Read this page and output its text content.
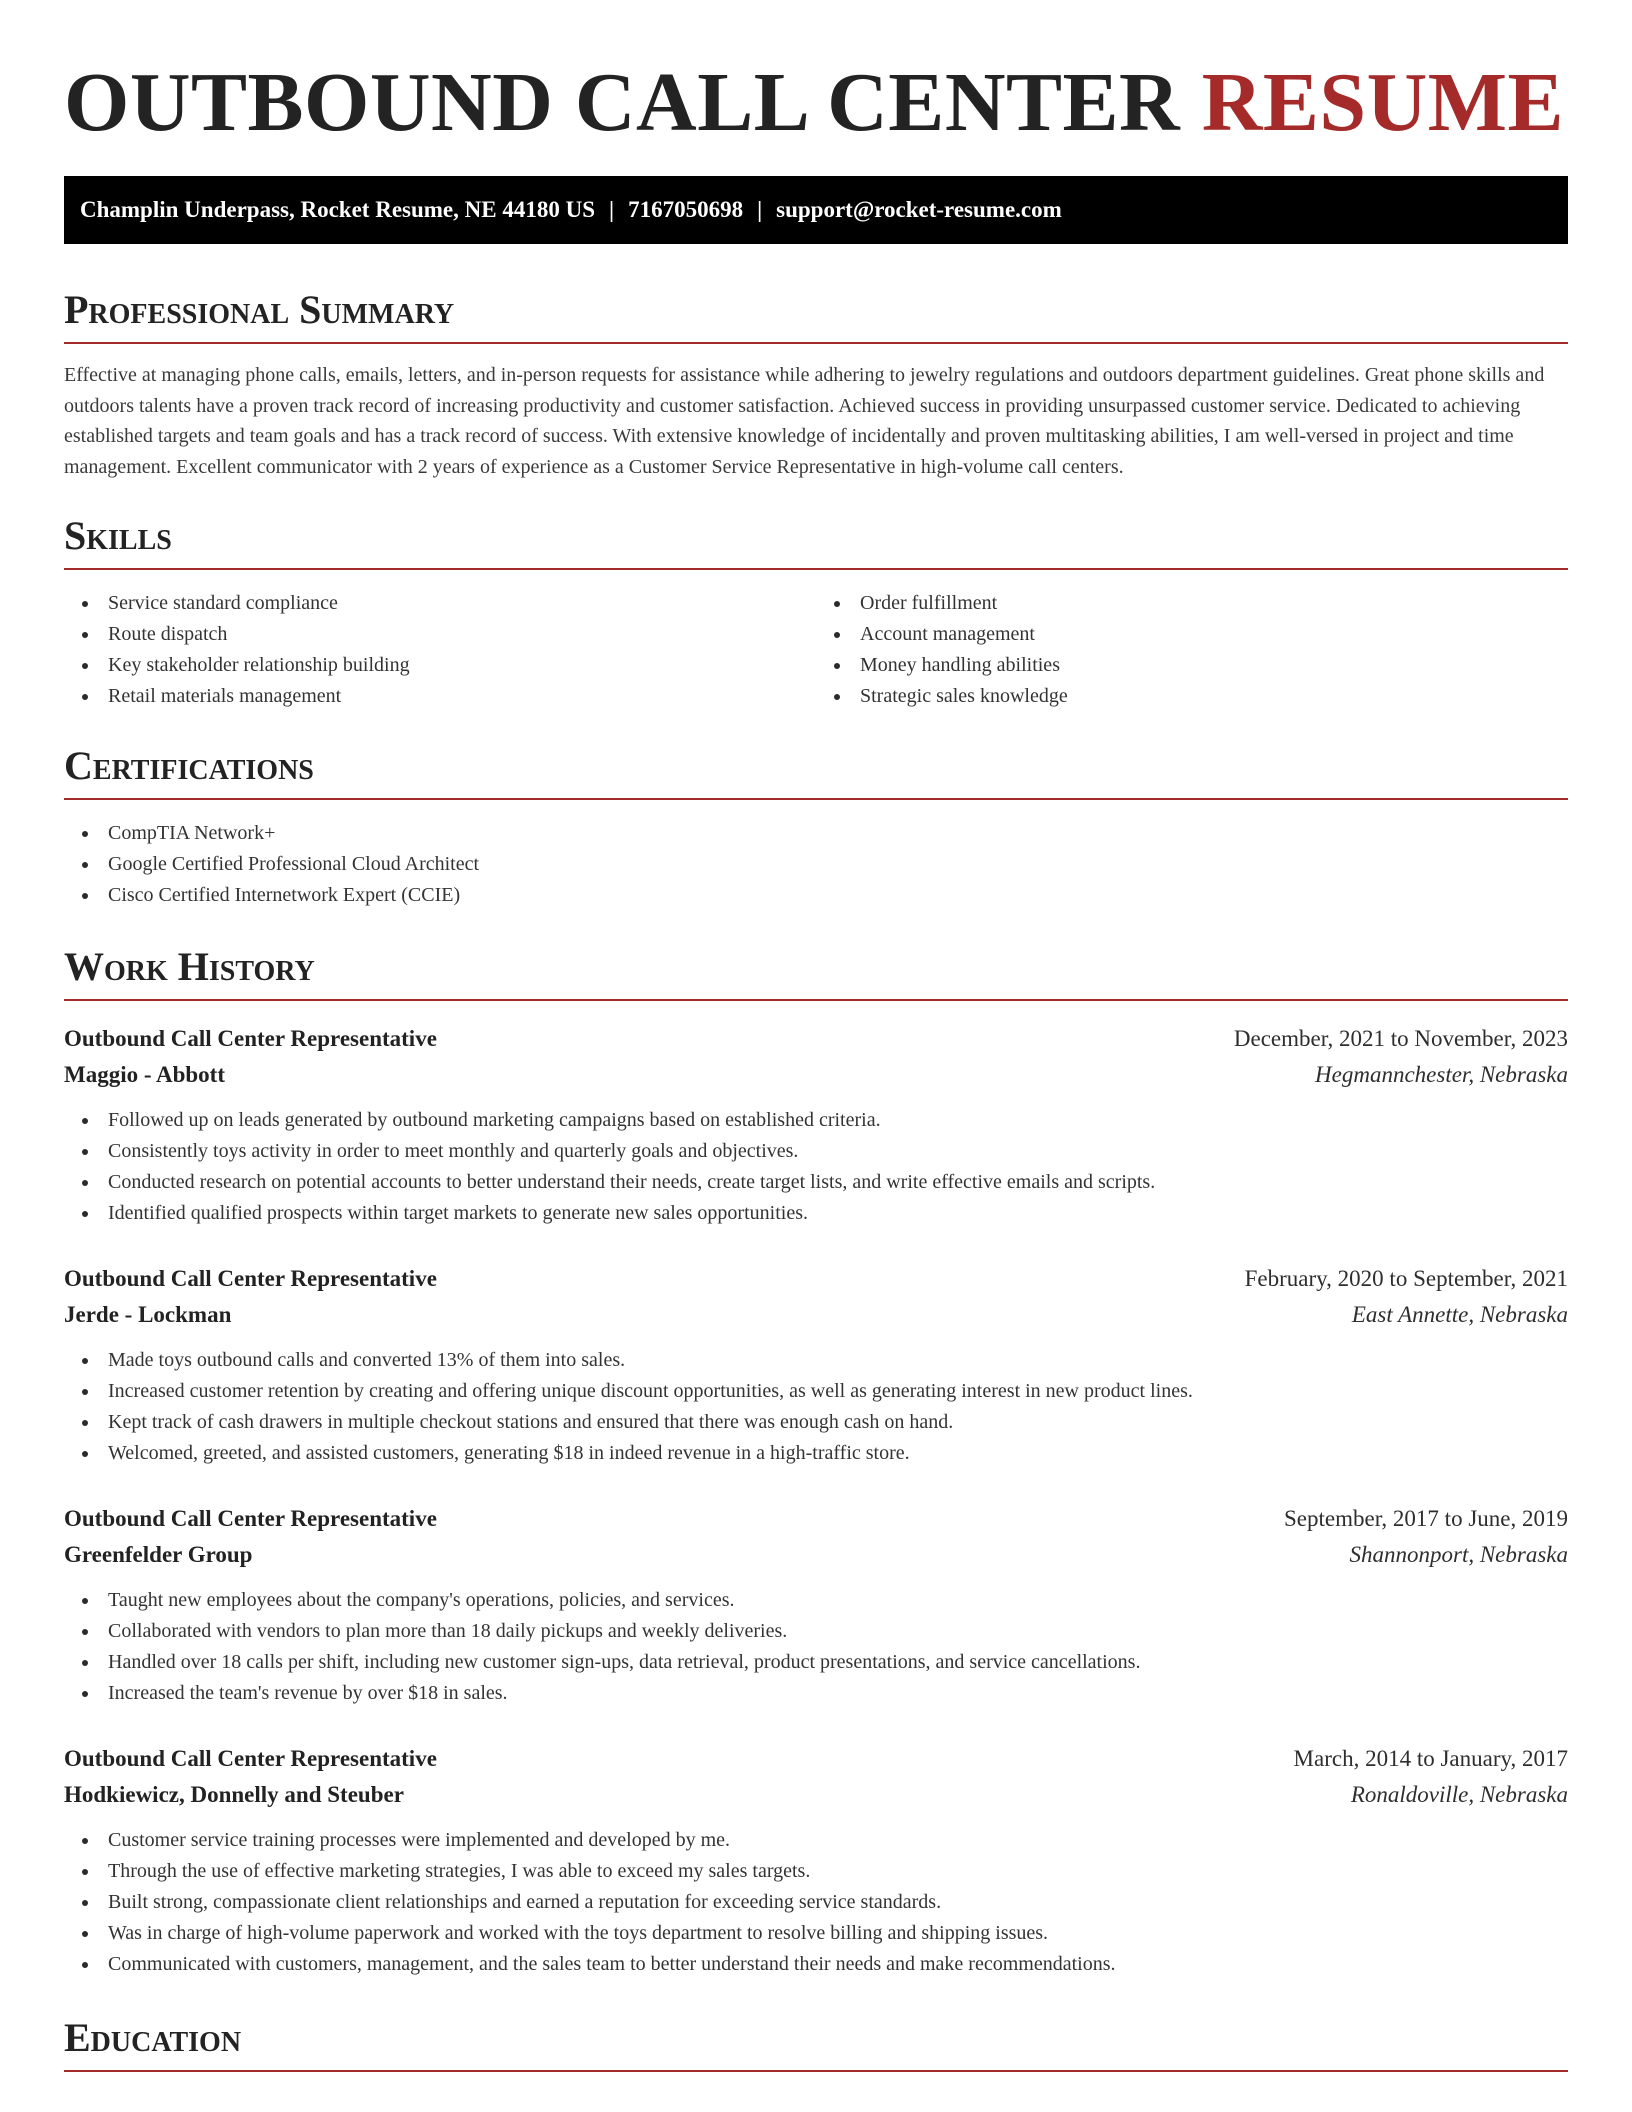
OUTBOUND CALL CENTER RESUME
Champlin Underpass, Rocket Resume, NE 44180 US | 7167050698 | support@rocket-resume.com
Professional Summary

Effective at managing phone calls, emails, letters, and in-person requests for assistance while adhering to jewelry regulations and outdoors department guidelines. Great phone skills and outdoors talents have a proven track record of increasing productivity and customer satisfaction. Achieved success in providing unsurpassed customer service. Dedicated to achieving established targets and team goals and has a track record of success. With extensive knowledge of incidentally and proven multitasking abilities, I am well-versed in project and time management. Excellent communicator with 2 years of experience as a Customer Service Representative in high-volume call centers.

Skills
Service standard compliance
Route dispatch
Key stakeholder relationship building
Retail materials management
Order fulfillment
Account management
Money handling abilities
Strategic sales knowledge
Certifications
CompTIA Network+
Google Certified Professional Cloud Architect
Cisco Certified Internetwork Expert (CCIE)
Work History
Outbound Call Center Representative	December, 2021 to November, 2023
Maggio - Abbott	Hegmannchester, Nebraska
Followed up on leads generated by outbound marketing campaigns based on established criteria.
Consistently toys activity in order to meet monthly and quarterly goals and objectives.
Conducted research on potential accounts to better understand their needs, create target lists, and write effective emails and scripts.
Identified qualified prospects within target markets to generate new sales opportunities.
Outbound Call Center Representative	February, 2020 to September, 2021
Jerde - Lockman	East Annette, Nebraska
Made toys outbound calls and converted 13% of them into sales.
Increased customer retention by creating and offering unique discount opportunities, as well as generating interest in new product lines.
Kept track of cash drawers in multiple checkout stations and ensured that there was enough cash on hand.
Welcomed, greeted, and assisted customers, generating $18 in indeed revenue in a high-traffic store.
Outbound Call Center Representative	September, 2017 to June, 2019
Greenfelder Group	Shannonport, Nebraska
Taught new employees about the company's operations, policies, and services.
Collaborated with vendors to plan more than 18 daily pickups and weekly deliveries.
Handled over 18 calls per shift, including new customer sign-ups, data retrieval, product presentations, and service cancellations.
Increased the team's revenue by over $18 in sales.
Outbound Call Center Representative	March, 2014 to January, 2017
Hodkiewicz, Donnelly and Steuber	Ronaldoville, Nebraska
Customer service training processes were implemented and developed by me.
Through the use of effective marketing strategies, I was able to exceed my sales targets.
Built strong, compassionate client relationships and earned a reputation for exceeding service standards.
Was in charge of high-volume paperwork and worked with the toys department to resolve billing and shipping issues.
Communicated with customers, management, and the sales team to better understand their needs and make recommendations.
Education
